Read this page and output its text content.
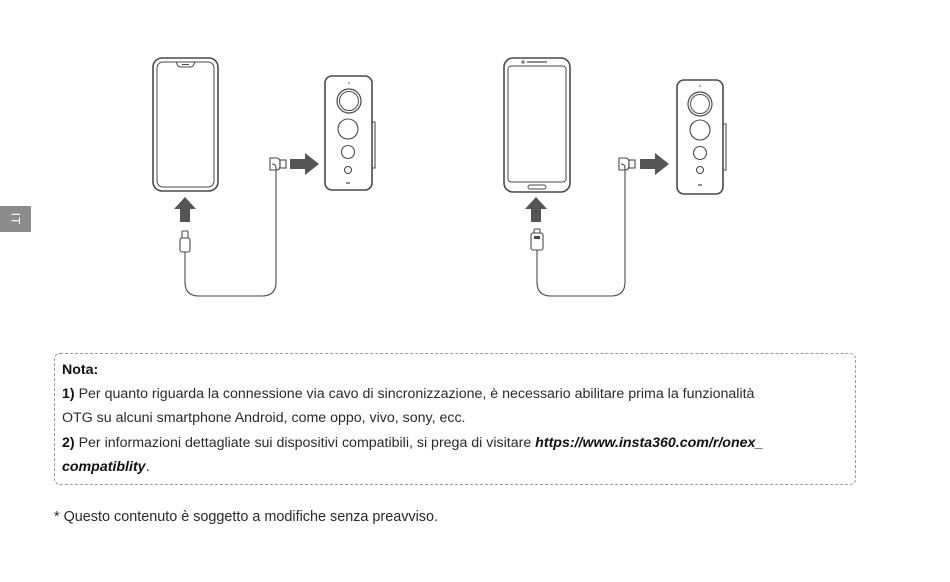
IT
Nota:
1) Per quanto riguarda la connessione via cavo di sincronizzazione, è necessario abilitare prima la funzionalità
OTG su alcuni smartphone Android, come oppo, vivo, sony, ecc.
2) Per informazioni dettagliate sui dispositivi compatibili, si prega di visitare https://www.insta360.com/r/onex_
compatiblity.
* Questo contenuto è soggetto a modifiche senza preavviso.
